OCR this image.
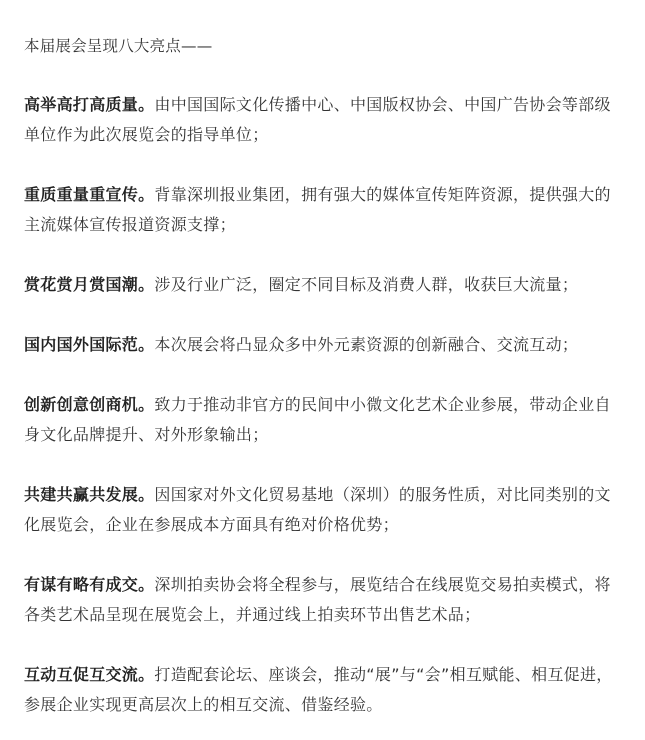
本届展会呈现八大亮点——

高举高打高质量。由中国国际文化传播中心、中国版权协会、中国广告协会等部级单位作为此次展览会的指导单位；

重质重量重宣传。背靠深圳报业集团，拥有强大的媒体宣传矩阵资源，提供强大的主流媒体宣传报道资源支撑；

赏花赏月赏国潮。涉及行业广泛，圈定不同目标及消费人群，收获巨大流量；

国内国外国际范。本次展会将凸显众多中外元素资源的创新融合、交流互动；

创新创意创商机。致力于推动非官方的民间中小微文化艺术企业参展，带动企业自身文化品牌提升、对外形象输出；

共建共赢共发展。因国家对外文化贸易基地（深圳）的服务性质，对比同类别的文化展览会，企业在参展成本方面具有绝对价格优势；

有谋有略有成交。深圳拍卖协会将全程参与，展览结合在线展览交易拍卖模式，将各类艺术品呈现在展览会上，并通过线上拍卖环节出售艺术品；

互动互促互交流。打造配套论坛、座谈会，推动“展”与“会”相互赋能、相互促进，参展企业实现更高层次上的相互交流、借鉴经验。
